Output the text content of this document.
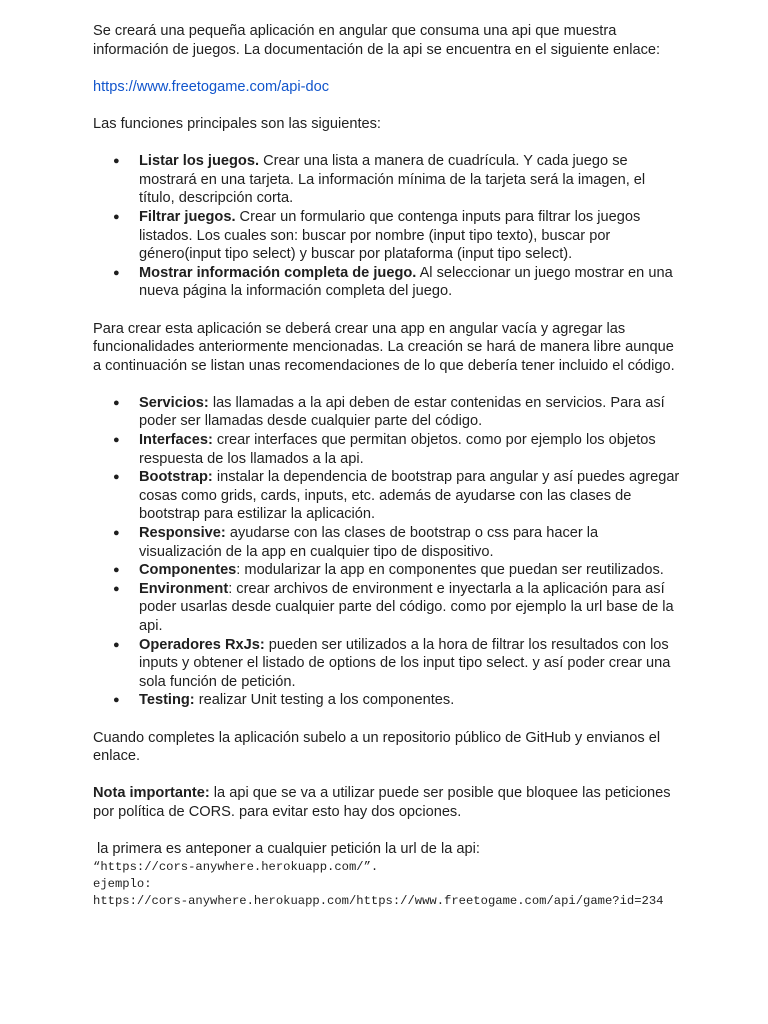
Se creará una pequeña aplicación en angular que consuma una api que muestra información de juegos. La documentación de la api se encuentra en el siguiente enlace:

https://www.freetogame.com/api-doc

Las funciones principales son las siguientes:

● Listar los juegos. Crear una lista a manera de cuadrícula. Y cada juego se mostrará en una tarjeta. La información mínima de la tarjeta será la imagen, el título, descripción corta.
● Filtrar juegos. Crear un formulario que contenga inputs para filtrar los juegos listados. Los cuales son: buscar por nombre (input tipo texto), buscar por género(input tipo select) y buscar por plataforma (input tipo select).
● Mostrar información completa de juego. Al seleccionar un juego mostrar en una nueva página la información completa del juego.

Para crear esta aplicación se deberá crear una app en angular vacía y agregar las funcionalidades anteriormente mencionadas. La creación se hará de manera libre aunque a continuación se listan unas recomendaciones de lo que debería tener incluido el código.

● Servicios: las llamadas a la api deben de estar contenidas en servicios. Para así poder ser llamadas desde cualquier parte del código.
● Interfaces: crear interfaces que permitan objetos. como por ejemplo los objetos respuesta de los llamados a la api.
● Bootstrap: instalar la dependencia de bootstrap para angular y así puedes agregar cosas como grids, cards, inputs, etc. además de ayudarse con las clases de bootstrap para estilizar la aplicación.
● Responsive: ayudarse con las clases de bootstrap o css para hacer la visualización de la app en cualquier tipo de dispositivo.
● Componentes: modularizar la app en componentes que puedan ser reutilizados.
● Environment: crear archivos de environment e inyectarla a la aplicación para así poder usarlas desde cualquier parte del código. como por ejemplo la url base de la api.
● Operadores RxJs: pueden ser utilizados a la hora de filtrar los resultados con los inputs y obtener el listado de options de los input tipo select. y así poder crear una sola función de petición.
● Testing: realizar Unit testing a los componentes.

Cuando completes la aplicación subelo a un repositorio público de GitHub y envianos el enlace.

Nota importante: la api que se va a utilizar puede ser posible que bloquee las peticiones por política de CORS. para evitar esto hay dos opciones.

la primera es anteponer a cualquier petición la url de la api:

“https://cors-anywhere.herokuapp.com/”.

ejemplo:

https://cors-anywhere.herokuapp.com/https://www.freetogame.com/api/game?id=234
